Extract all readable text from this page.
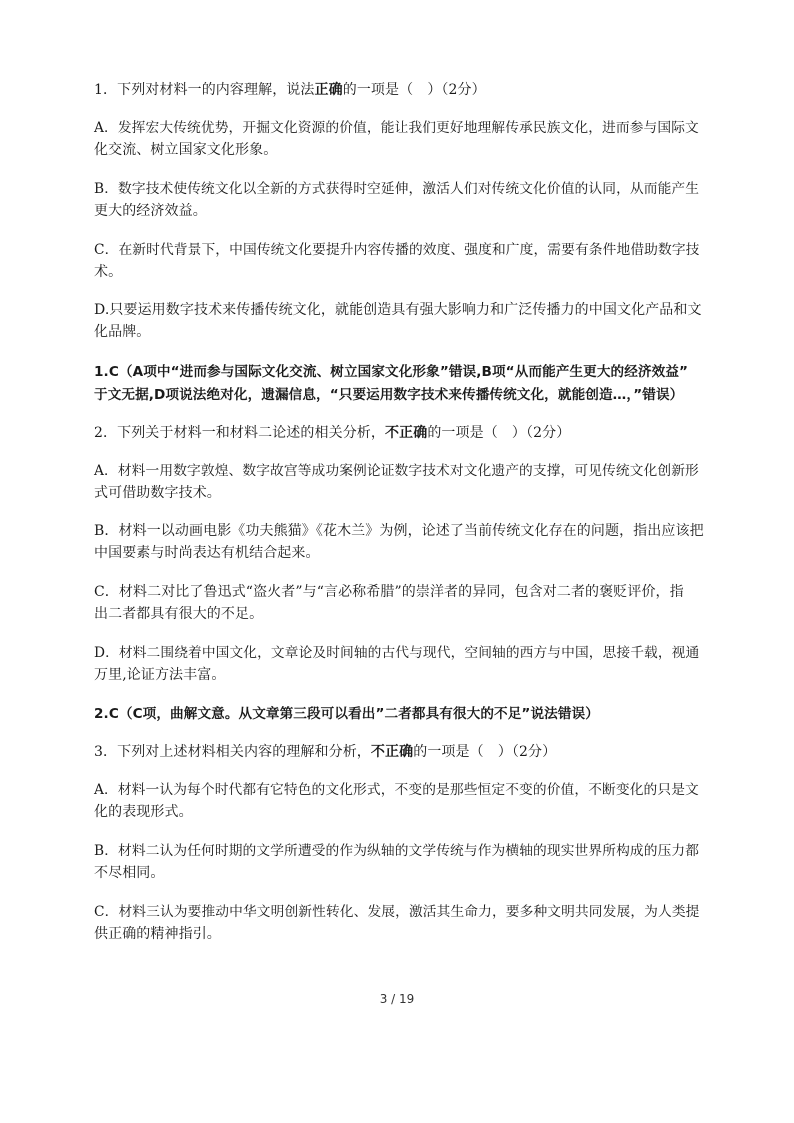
1．下列对材料一的内容理解，说法正确的一项是（　）（2分）
A．发挥宏大传统优势，开掘文化资源的价值，能让我们更好地理解传承民族文化，进而参与国际文
化交流、树立国家文化形象。
B．数字技术使传统文化以全新的方式获得时空延伸，激活人们对传统文化价值的认同，从而能产生
更大的经济效益。
C．在新时代背景下，中国传统文化要提升内容传播的效度、强度和广度，需要有条件地借助数字技
术。
D.只要运用数字技术来传播传统文化，就能创造具有强大影响力和广泛传播力的中国文化产品和文
化品牌。
1.C（A项中“进而参与国际文化交流、树立国家文化形象”错误,B项“从而能产生更大的经济效益”
于文无据,D项说法绝对化，遗漏信息，“只要运用数字技术来传播传统文化，就能创造…，”错误）
2．下列关于材料一和材料二论述的相关分析，不正确的一项是（　）（2分）
A．材料一用数字敦煌、数字故宫等成功案例论证数字技术对文化遗产的支撑，可见传统文化创新形
式可借助数字技术。
B．材料一以动画电影《功夫熊猫》《花木兰》为例，论述了当前传统文化存在的问题，指出应该把
中国要素与时尚表达有机结合起来。
C．材料二对比了鲁迅式“盗火者”与“言必称希腊”的崇洋者的异同，包含对二者的褒贬评价，指
出二者都具有很大的不足。
D．材料二围绕着中国文化，文章论及时间轴的古代与现代，空间轴的西方与中国，思接千载，视通
万里,论证方法丰富。
2.C（C项，曲解文意。从文章第三段可以看出”二者都具有很大的不足”说法错误）
3．下列对上述材料相关内容的理解和分析，不正确的一项是（　）（2分）
A．材料一认为每个时代都有它特色的文化形式，不变的是那些恒定不变的价值，不断变化的只是文
化的表现形式。
B．材料二认为任何时期的文学所遭受的作为纵轴的文学传统与作为横轴的现实世界所构成的压力都
不尽相同。
C．材料三认为要推动中华文明创新性转化、发展，激活其生命力，要多种文明共同发展，为人类提
供正确的精神指引。
3 / 19
